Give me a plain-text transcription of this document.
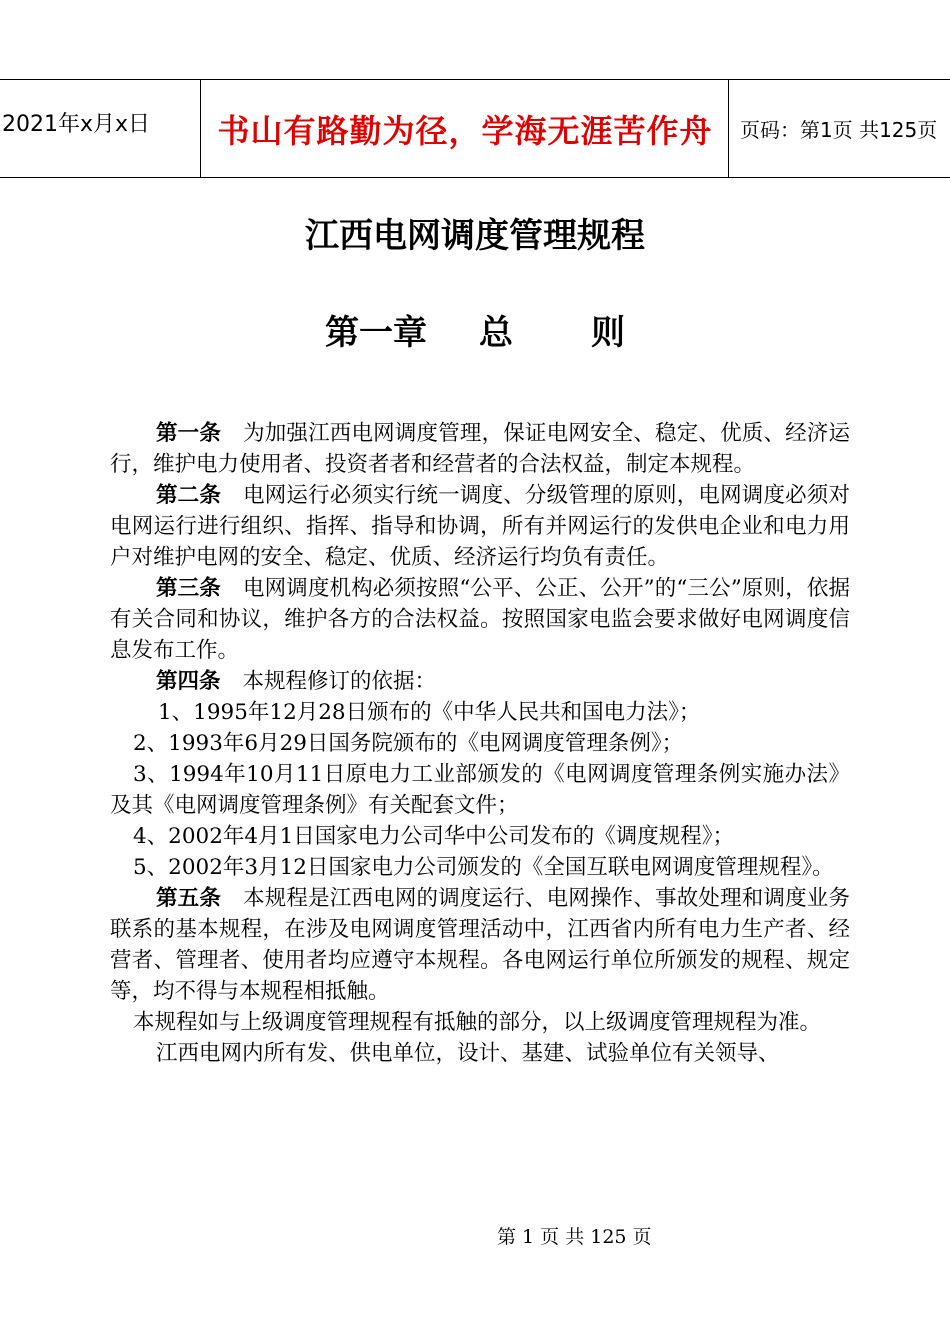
2021年x月x日	书山有路勤为径，学海无涯苦作舟	页码：第1页 共125页
江西电网调度管理规程
第一章 总 则

第一条 为加强江西电网调度管理，保证电网安全、稳定、优质、经济运行，维护电力使用者、投资者者和经营者的合法权益，制定本规程。

第二条 电网运行必须实行统一调度、分级管理的原则，电网调度必须对电网运行进行组织、指挥、指导和协调，所有并网运行的发供电企业和电力用户对维护电网的安全、稳定、优质、经济运行均负有责任。

第三条 电网调度机构必须按照“公平、公正、公开”的“三公”原则，依据有关合同和协议，维护各方的合法权益。按照国家电监会要求做好电网调度信息发布工作。

第四条 本规程修订的依据：

1、1995年12月28日颁布的《中华人民共和国电力法》；

2、1993年6月29日国务院颁布的《电网调度管理条例》；

3、1994年10月11日原电力工业部颁发的《电网调度管理条例实施办法》及其《电网调度管理条例》有关配套文件；

4、2002年4月1日国家电力公司华中公司发布的《调度规程》；

5、2002年3月12日国家电力公司颁发的《全国互联电网调度管理规程》。

第五条 本规程是江西电网的调度运行、电网操作、事故处理和调度业务联系的基本规程，在涉及电网调度管理活动中，江西省内所有电力生产者、经营者、管理者、使用者均应遵守本规程。各电网运行单位所颁发的规程、规定等，均不得与本规程相抵触。

本规程如与上级调度管理规程有抵触的部分，以上级调度管理规程为准。

江西电网内所有发、供电单位，设计、基建、试验单位有关领导、

第 1 页 共 125 页
